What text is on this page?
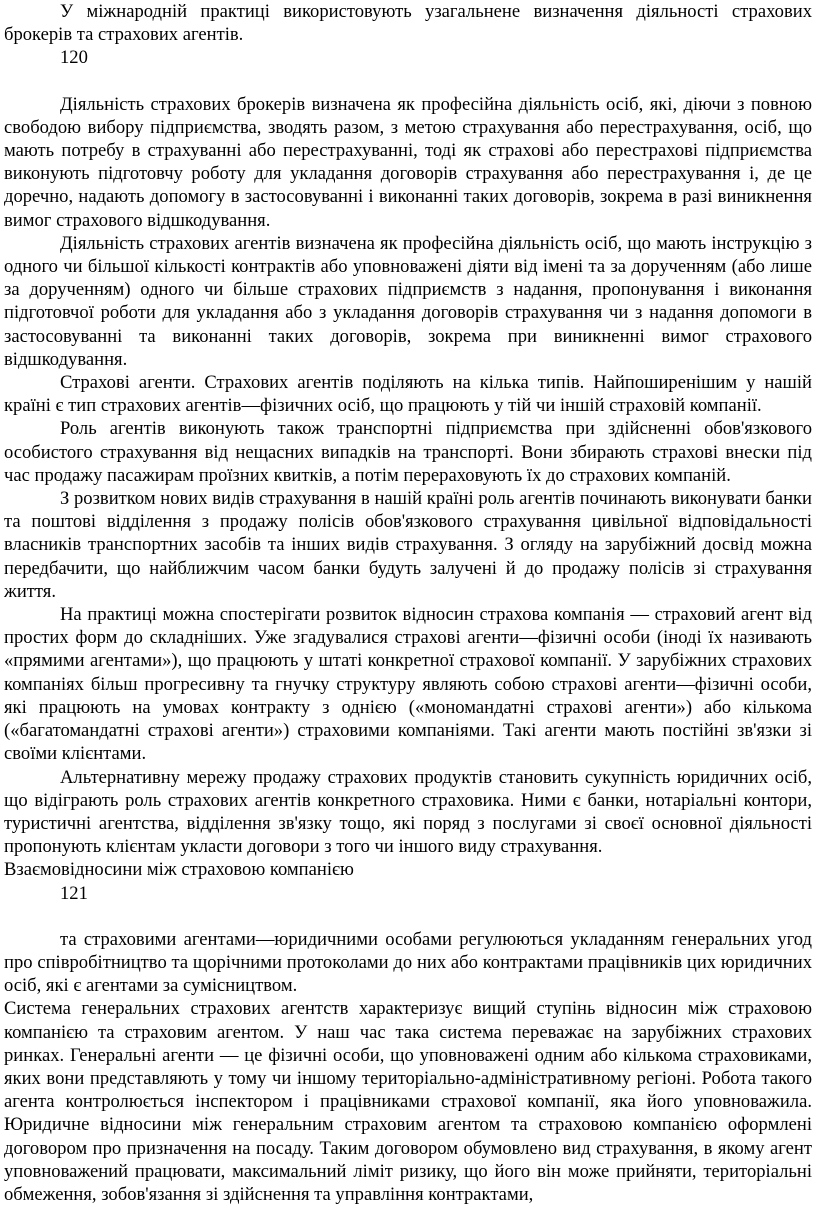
У міжнародній практиці використовують узагальнене визначення діяльності страхових брокерів та страхових агентів.

120

Діяльність страхових брокерів визначена як професійна діяльність осіб, які, діючи з повною свободою вибору підприємства, зводять разом, з метою страхування або перестрахування, осіб, що мають потребу в страхуванні або перестрахуванні, тоді як страхові або перестрахові підприємства виконують підготовчу роботу для укладання договорів страхування або перестрахування і, де це доречно, надають допомогу в застосовуванні і виконанні таких договорів, зокрема в разі виникнення вимог страхового відшкодування.

Діяльність страхових агентів визначена як професійна діяльність осіб, що мають інструкцію з одного чи більшої кількості контрактів або уповноважені діяти від імені та за дорученням (або лише за дорученням) одного чи більше страхових підприємств з надання, пропонування і виконання підготовчої роботи для укладання або з укладання договорів страхування чи з надання допомоги в застосовуванні та виконанні таких договорів, зокрема при виникненні вимог страхового відшкодування.

Страхові агенти. Страхових агентів поділяють на кілька типів. Найпоширенішим у нашій країні є тип страхових агентів—фізичних осіб, що працюють у тій чи іншій страховій компанії.

Роль агентів виконують також транспортні підприємства при здійсненні обов'язкового особистого страхування від нещасних випадків на транспорті. Вони збирають страхові внески під час продажу пасажирам проїзних квитків, а потім перераховують їх до страхових компаній.

З розвитком нових видів страхування в нашій країні роль агентів починають виконувати банки та поштові відділення з продажу полісів обов'язкового страхування цивільної відповідальності власників транспортних засобів та інших видів страхування. З огляду на зарубіжний досвід можна передбачити, що найближчим часом банки будуть залучені й до продажу полісів зі страхування життя.

На практиці можна спостерігати розвиток відносин страхова компанія — страховий агент від простих форм до складніших. Уже згадувалися страхові агенти—фізичні особи (іноді їх називають «прямими агентами»), що працюють у штаті конкретної страхової компанії. У зарубіжних страхових компаніях більш прогресивну та гнучку структуру являють собою страхові агенти—фізичні особи, які працюють на умовах контракту з однією («мономандатні страхові агенти») або кількома («багатомандатні страхові агенти») страховими компаніями. Такі агенти мають постійні зв'язки зі своїми клієнтами.

Альтернативну мережу продажу страхових продуктів становить сукупність юридичних осіб, що відіграють роль страхових агентів конкретного страховика. Ними є банки, нотаріальні контори, туристичні агентства, відділення зв'язку тощо, які поряд з послугами зі своєї основної діяльності пропонують клієнтам укласти договори з того чи іншого виду страхування.

Взаємовідносини між страховою компанією

121

та страховими агентами—юридичними особами регулюються укладанням генеральних угод про співробітництво та щорічними протоколами до них або контрактами працівників цих юридичних осіб, які є агентами за сумісництвом.

Система генеральних страхових агентств характеризує вищий ступінь відносин між страховою компанією та страховим агентом. У наш час така система переважає на зарубіжних страхових ринках. Генеральні агенти — це фізичні особи, що уповноважені одним або кількома страховиками, яких вони представляють у тому чи іншому територіально-адміністративному регіоні. Робота такого агента контролюється інспектором і працівниками страхової компанії, яка його уповноважила. Юридичне відносини між генеральним страховим агентом та страховою компанією оформлені договором про призначення на посаду. Таким договором обумовлено вид страхування, в якому агент уповноважений працювати, максимальний ліміт ризику, що його він може прийняти, територіальні обмеження, зобов'язання зі здійснення та управління контрактами,
